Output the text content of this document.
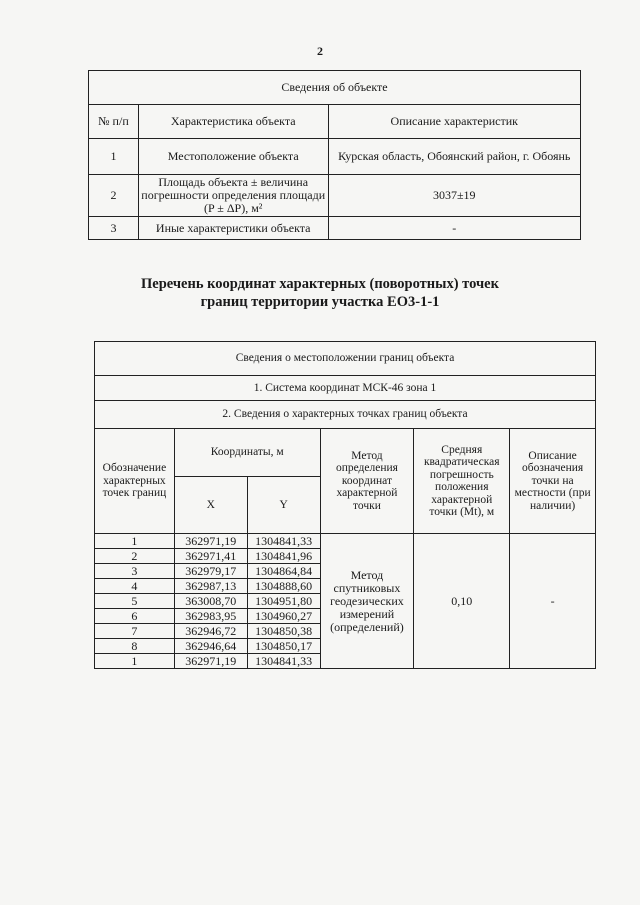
2
Сведения об объекте		
№ п/п	Характеристика объекта	Описание характеристик
1	Местоположение объекта	Курская область, Обоянский район, г. Обоянь
2	Площадь объекта ± величина погрешности определения площади (P ± ΔP), м²	3037±19
3	Иные характеристики объекта	-
Перечень координат характерных (поворотных) точек
границ территории участка ЕО3-1-1
Сведения о местоположении границ объекта					
1. Система координат МСК-46 зона 1					
2. Сведения о характерных точках границ объекта					
Обозначение характерных точек границ	Координаты, м		Метод определения координат характерной точки	Средняя квадратическая погрешность положения характерной точки (Mt), м	Описание обозначения точки на местности (при наличии)
	X	Y			
1	362971,19	1304841,33	Метод спутниковых геодезических измерений (определений)	0,10	-
2	362971,41	1304841,96			
3	362979,17	1304864,84			
4	362987,13	1304888,60			
5	363008,70	1304951,80			
6	362983,95	1304960,27			
7	362946,72	1304850,38			
8	362946,64	1304850,17			
1	362971,19	1304841,33			
